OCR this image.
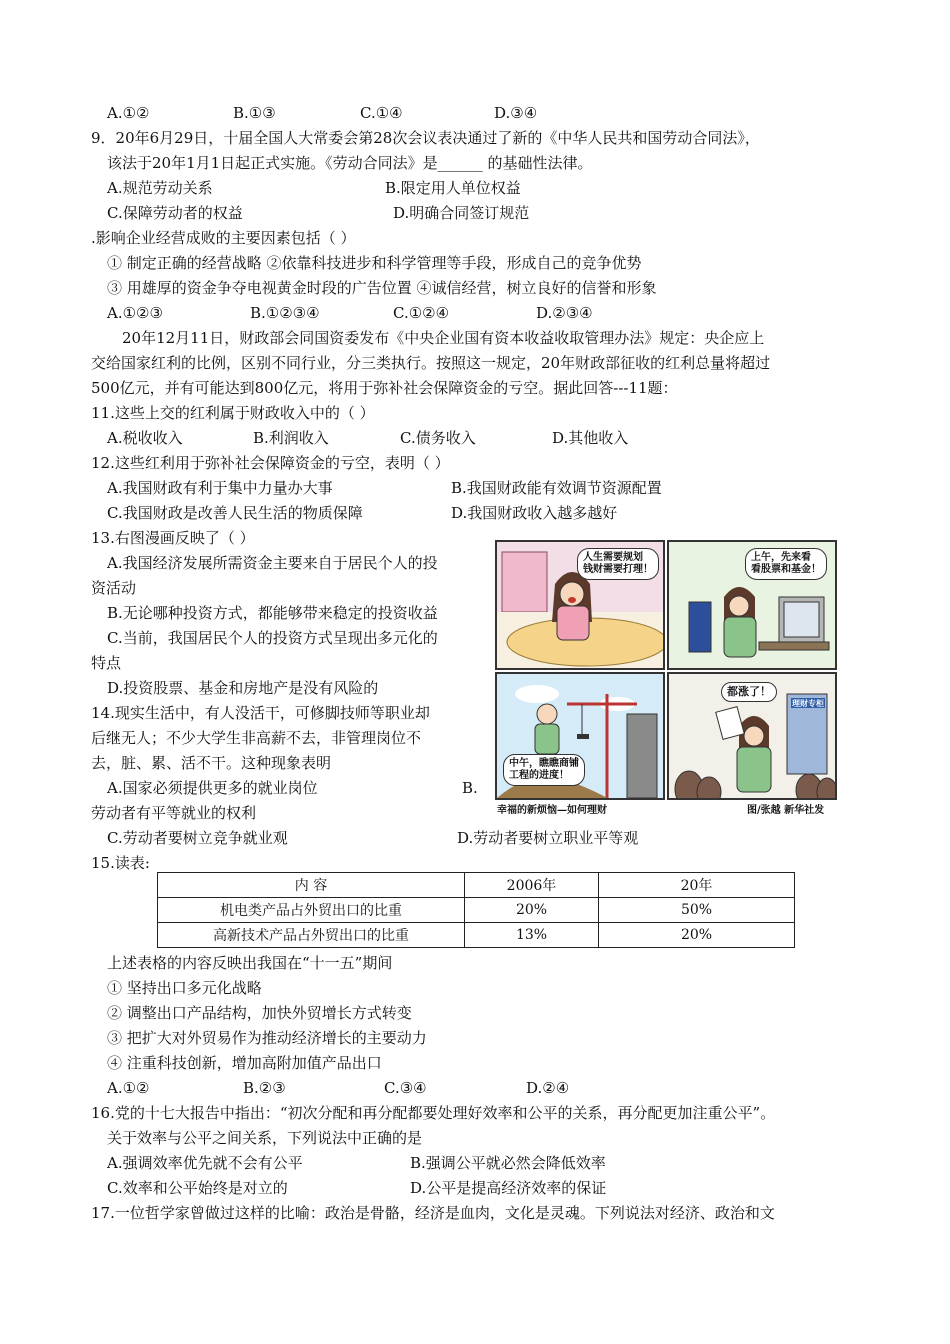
A.①②	B.①③	C.①④	D.③④
9．20年6月29日，十届全国人大常委会第28次会议表决通过了新的《中华人民共和国劳动合同法》，
该法于20年1月1日起正式实施。《劳动合同法》是______ 的基础性法律。
A.规范劳动关系	B.限定用人单位权益
C.保障劳动者的权益	D.明确合同签订规范
.影响企业经营成败的主要因素包括（ ）
① 制定正确的经营战略 ②依靠科技进步和科学管理等手段，形成自己的竞争优势
③ 用雄厚的资金争夺电视黄金时段的广告位置 ④诚信经营，树立良好的信誉和形象
A.①②③	B.①②③④	C.①②④	D.②③④
20年12月11日，财政部会同国资委发布《中央企业国有资本收益收取管理办法》规定：央企应上
交给国家红利的比例，区别不同行业，分三类执行。按照这一规定，20年财政部征收的红利总量将超过
500亿元，并有可能达到800亿元，将用于弥补社会保障资金的亏空。据此回答---11题：
11.这些上交的红利属于财政收入中的（ ）
A.税收收入	B.利润收入	C.债务收入	D.其他收入
12.这些红利用于弥补社会保障资金的亏空，表明（ ）
A.我国财政有利于集中力量办大事	B.我国财政能有效调节资源配置
C.我国财政是改善人民生活的物质保障	D.我国财政收入越多越好
13.右图漫画反映了（ ）
A.我国经济发展所需资金主要来自于居民个人的投
资活动
B.无论哪种投资方式，都能够带来稳定的投资收益
C.当前，我国居民个人的投资方式呈现出多元化的
特点
D.投资股票、基金和房地产是没有风险的
14.现实生活中，有人没活干，可修脚技师等职业却
后继无人；不少大学生非高薪不去，非管理岗位不
去，脏、累、活不干。这种现象表明
A.国家必须提供更多的就业岗位	B.
劳动者有平等就业的权利
C.劳动者要树立竞争就业观	D.劳动者要树立职业平等观
人生需要规划
钱财需要打理！
上午，先来看
看股票和基金！
中午，瞧瞧商铺
工程的进度！
都涨了！
理财专柜
幸福的新烦恼—如何理财	图/张越 新华社发
15.读表:
内 容	2006年	20年
机电类产品占外贸出口的比重	20%	50%
高新技术产品占外贸出口的比重	13%	20%
上述表格的内容反映出我国在“十一五”期间
① 坚持出口多元化战略
② 调整出口产品结构，加快外贸增长方式转变
③ 把扩大对外贸易作为推动经济增长的主要动力
④ 注重科技创新，增加高附加值产品出口
A.①②	B.②③	C.③④	D.②④
16.党的十七大报告中指出：“初次分配和再分配都要处理好效率和公平的关系，再分配更加注重公平”。
关于效率与公平之间关系，下列说法中正确的是
A.强调效率优先就不会有公平	B.强调公平就必然会降低效率
C.效率和公平始终是对立的	D.公平是提高经济效率的保证
17.一位哲学家曾做过这样的比喻：政治是骨骼，经济是血肉，文化是灵魂。下列说法对经济、政治和文
